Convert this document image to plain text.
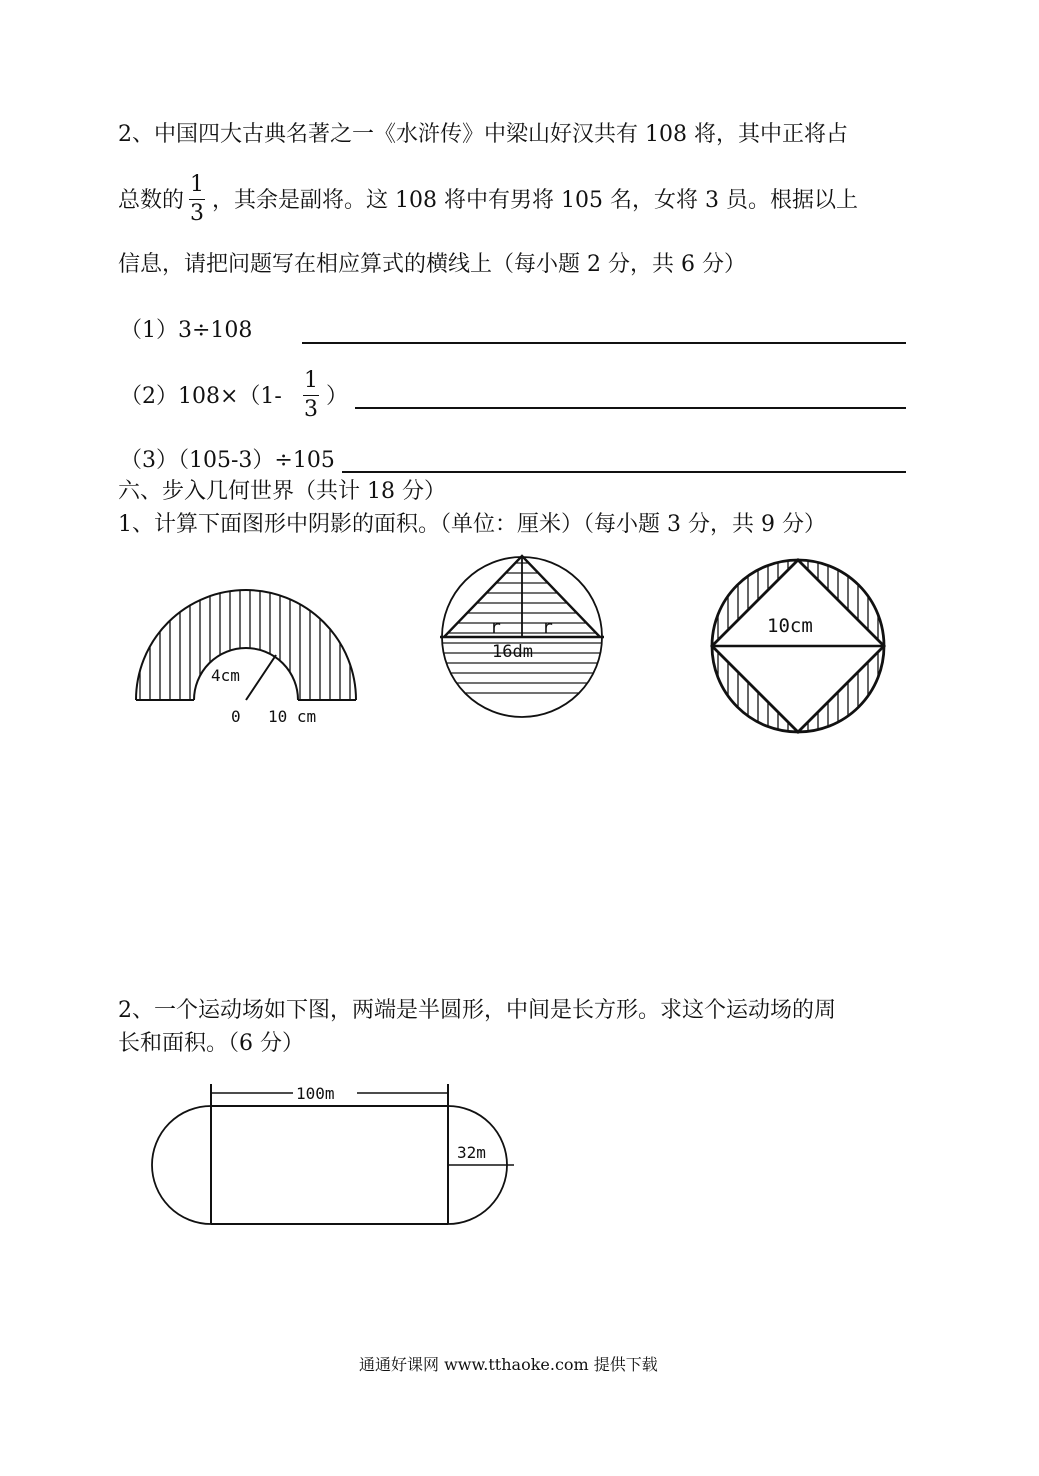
2、中国四大古典名著之一《水浒传》中梁山好汉共有 108 将，其中正将占
总数的
1
3
，其余是副将。这 108 将中有男将 105 名，女将 3 员。根据以上
信息，请把问题写在相应算式的横线上（每小题 2 分，共 6 分）
（1）3÷108
（2）108×（1-
1
3
）
（3）（105-3）÷105
六、步入几何世界（共计 18 分）
1、计算下面图形中阴影的面积。（单位：厘米）（每小题 3 分，共 9 分）
4cm
0 10 cm
r r
16dm
10cm
2、一个运动场如下图，两端是半圆形，中间是长方形。求这个运动场的周
长和面积。（6 分）
100m
32m
通通好课网 www.tthaoke.com 提供下载
